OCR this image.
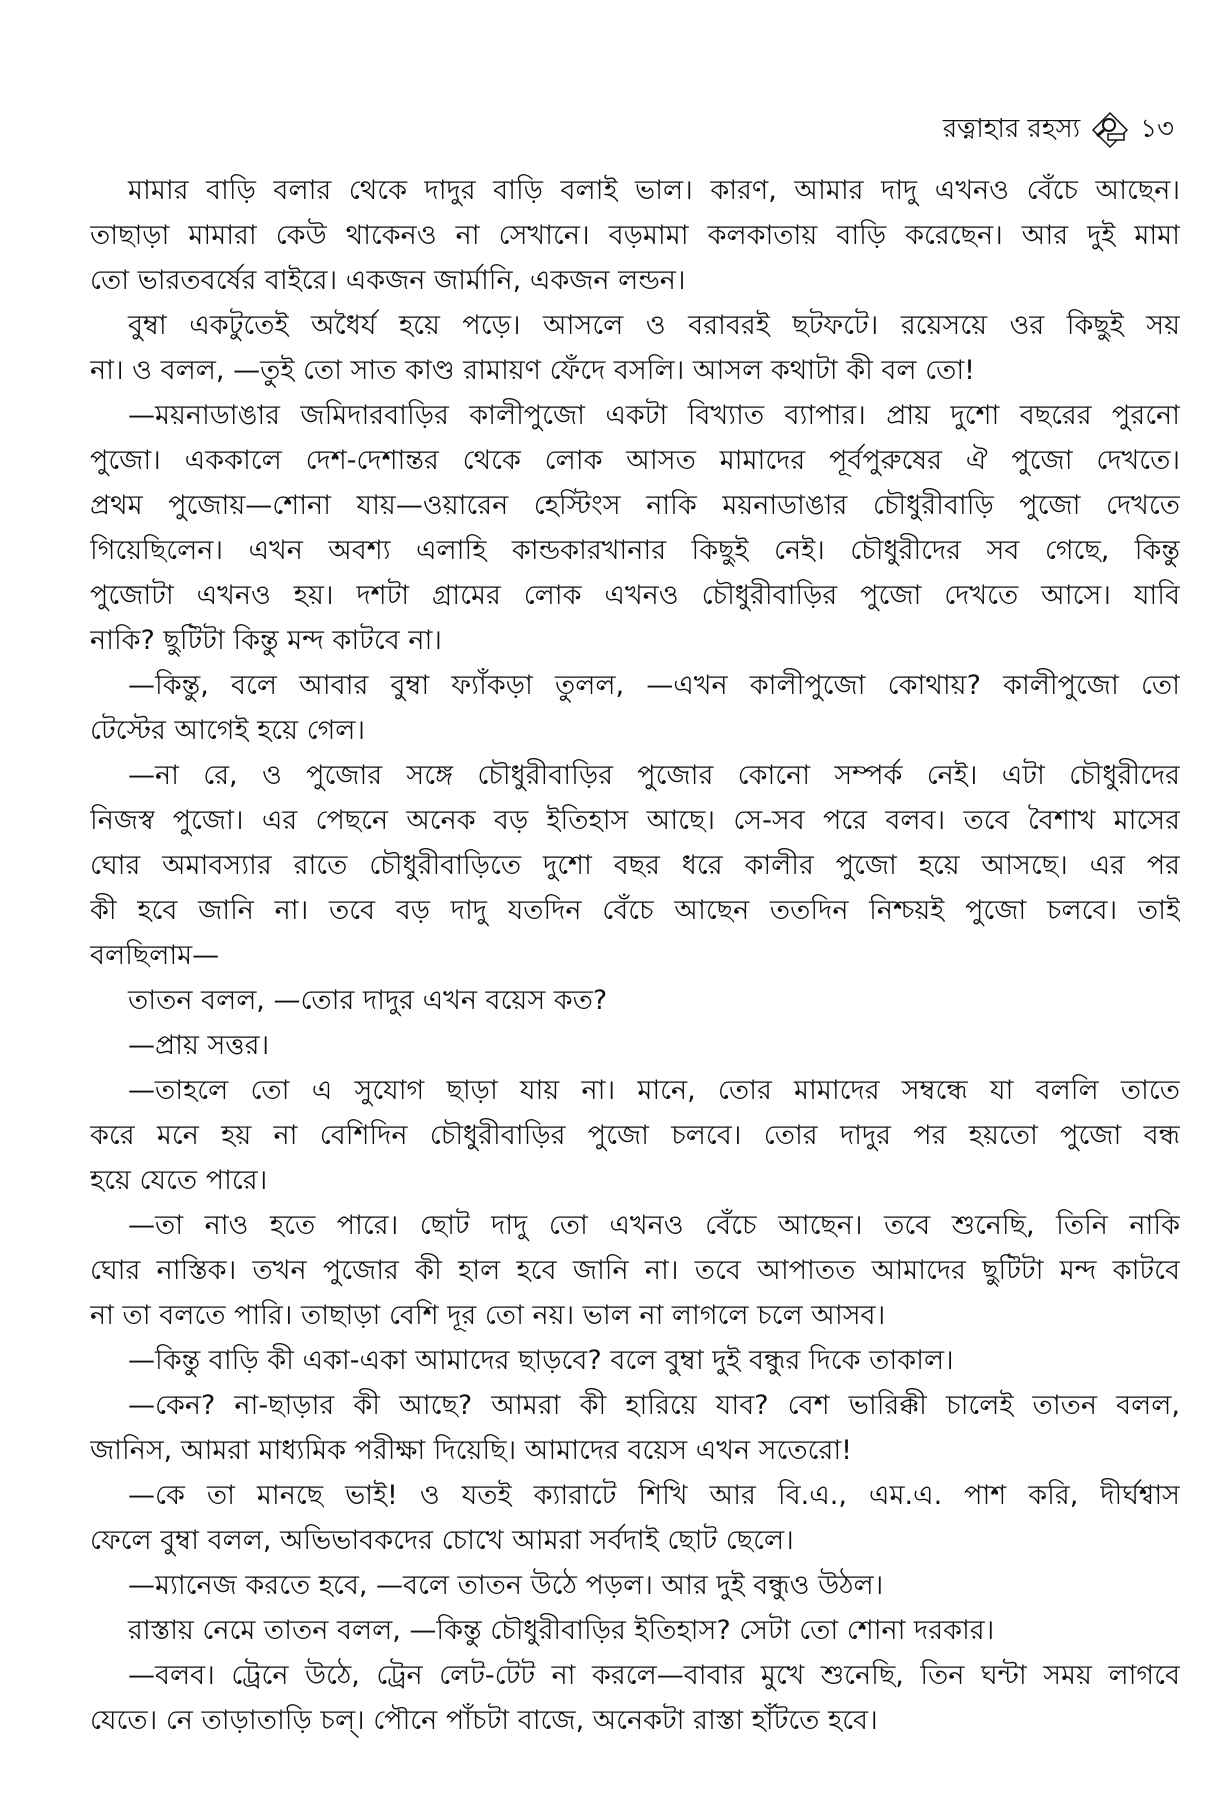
রত্নাহার রহস্য ১৩
মামার বাড়ি বলার থেকে দাদুর বাড়ি বলাই ভাল। কারণ, আমার দাদু এখনও বেঁচে আছেন।
তাছাড়া মামারা কেউ থাকেনও না সেখানে। বড়মামা কলকাতায় বাড়ি করেছেন। আর দুই মামা
তো ভারতবর্ষের বাইরে। একজন জার্মানি, একজন লন্ডন।
বুম্বা একটুতেই অধৈর্য হয়ে পড়ে। আসলে ও বরাবরই ছটফটে। রয়েসয়ে ওর কিছুই সয়
না। ও বলল, —তুই তো সাত কাণ্ড রামায়ণ ফেঁদে বসলি। আসল কথাটা কী বল তো!
—ময়নাডাঙার জমিদারবাড়ির কালীপুজো একটা বিখ্যাত ব্যাপার। প্রায় দুশো বছরের পুরনো
পুজো। এককালে দেশ-দেশান্তর থেকে লোক আসত মামাদের পূর্বপুরুষের ঐ পুজো দেখতে।
প্রথম পুজোয়—শোনা যায়—ওয়ারেন হেস্টিংস নাকি ময়নাডাঙার চৌধুরীবাড়ি পুজো দেখতে
গিয়েছিলেন। এখন অবশ্য এলাহি কান্ডকারখানার কিছুই নেই। চৌধুরীদের সব গেছে, কিন্তু
পুজোটা এখনও হয়। দশটা গ্রামের লোক এখনও চৌধুরীবাড়ির পুজো দেখতে আসে। যাবি
নাকি? ছুটিটা কিন্তু মন্দ কাটবে না।
—কিন্তু, বলে আবার বুম্বা ফ্যাঁকড়া তুলল, —এখন কালীপুজো কোথায়? কালীপুজো তো
টেস্টের আগেই হয়ে গেল।
—না রে, ও পুজোর সঙ্গে চৌধুরীবাড়ির পুজোর কোনো সম্পর্ক নেই। এটা চৌধুরীদের
নিজস্ব পুজো। এর পেছনে অনেক বড় ইতিহাস আছে। সে-সব পরে বলব। তবে বৈশাখ মাসের
ঘোর অমাবস্যার রাতে চৌধুরীবাড়িতে দুশো বছর ধরে কালীর পুজো হয়ে আসছে। এর পর
কী হবে জানি না। তবে বড় দাদু যতদিন বেঁচে আছেন ততদিন নিশ্চয়ই পুজো চলবে। তাই
বলছিলাম—
তাতন বলল, —তোর দাদুর এখন বয়েস কত?
—প্রায় সত্তর।
—তাহলে তো এ সুযোগ ছাড়া যায় না। মানে, তোর মামাদের সম্বন্ধে যা বললি তাতে
করে মনে হয় না বেশিদিন চৌধুরীবাড়ির পুজো চলবে। তোর দাদুর পর হয়তো পুজো বন্ধ
হয়ে যেতে পারে।
—তা নাও হতে পারে। ছোট দাদু তো এখনও বেঁচে আছেন। তবে শুনেছি, তিনি নাকি
ঘোর নাস্তিক। তখন পুজোর কী হাল হবে জানি না। তবে আপাতত আমাদের ছুটিটা মন্দ কাটবে
না তা বলতে পারি। তাছাড়া বেশি দূর তো নয়। ভাল না লাগলে চলে আসব।
—কিন্তু বাড়ি কী একা-একা আমাদের ছাড়বে? বলে বুম্বা দুই বন্ধুর দিকে তাকাল।
—কেন? না-ছাড়ার কী আছে? আমরা কী হারিয়ে যাব? বেশ ভারিক্কী চালেই তাতন বলল,
জানিস, আমরা মাধ্যমিক পরীক্ষা দিয়েছি। আমাদের বয়েস এখন সতেরো!
—কে তা মানছে ভাই! ও যতই ক্যারাটে শিখি আর বি.এ., এম.এ. পাশ করি, দীর্ঘশ্বাস
ফেলে বুম্বা বলল, অভিভাবকদের চোখে আমরা সর্বদাই ছোট ছেলে।
—ম্যানেজ করতে হবে, —বলে তাতন উঠে পড়ল। আর দুই বন্ধুও উঠল।
রাস্তায় নেমে তাতন বলল, —কিন্তু চৌধুরীবাড়ির ইতিহাস? সেটা তো শোনা দরকার।
—বলব। ট্রেনে উঠে, ট্রেন লেট-টেট না করলে—বাবার মুখে শুনেছি, তিন ঘন্টা সময় লাগবে
যেতে। নে তাড়াতাড়ি চল্। পৌনে পাঁচটা বাজে, অনেকটা রাস্তা হাঁটতে হবে।
